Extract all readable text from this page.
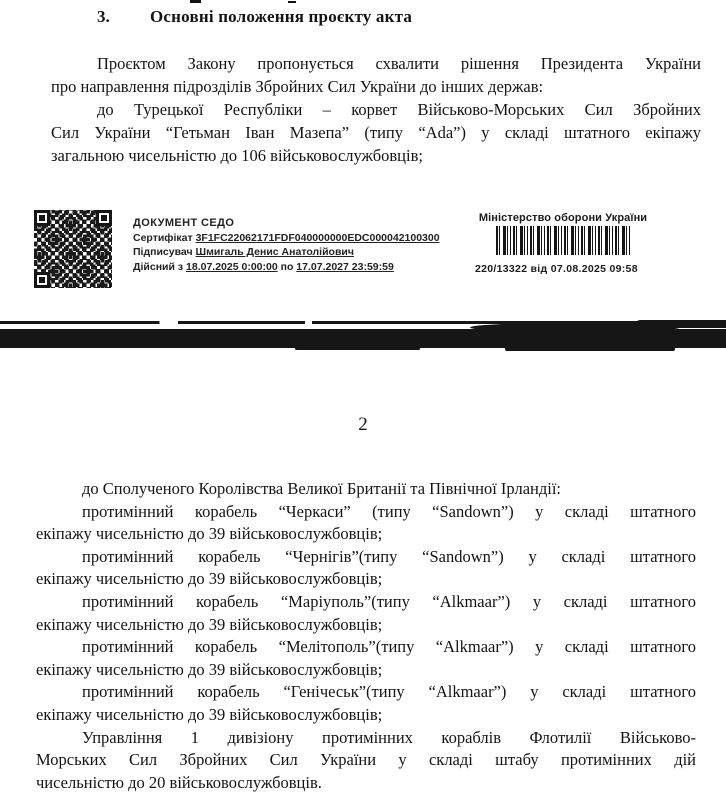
3. Основні положення проєкту акта
Проєктом Закону пропонується схвалити рішення Президента України
про направлення підрозділів Збройних Сил України до інших держав:
до Турецької Республіки – корвет Військово-Морських Сил Збройних
Сил України “Гетьман Іван Мазепа” (типу “Ada”) у складі штатного екіпажу
загальною чисельністю до 106 військовослужбовців;
ДОКУМЕНТ СЕДО
Сертифікат 3F1FC22062171FDF040000000EDC000042100300
Підписувач Шмигаль Денис Анатолійович
Дійсний з 18.07.2025 0:00:00 по 17.07.2027 23:59:59
Міністерство оборони України
220/13322 від 07.08.2025 09:58
2
до Сполученого Королівства Великої Британії та Північної Ірландії:
протимінний корабель “Черкаси” (типу “Sandown”) у складі штатного
екіпажу чисельністю до 39 військовослужбовців;
протимінний корабель “Чернігів”(типу “Sandown”) у складі штатного
екіпажу чисельністю до 39 військовослужбовців;
протимінний корабель “Маріуполь”(типу “Alkmaar”) у складі штатного
екіпажу чисельністю до 39 військовослужбовців;
протимінний корабель “Мелітополь”(типу “Alkmaar”) у складі штатного
екіпажу чисельністю до 39 військовослужбовців;
протимінний корабель “Генічеськ”(типу “Alkmaar”) у складі штатного
екіпажу чисельністю до 39 військовослужбовців;
Управління 1 дивізіону протимінних кораблів Флотилії Військово-
Морських Сил Збройних Сил України у складі штабу протимінних дій
чисельністю до 20 військовослужбовців.
